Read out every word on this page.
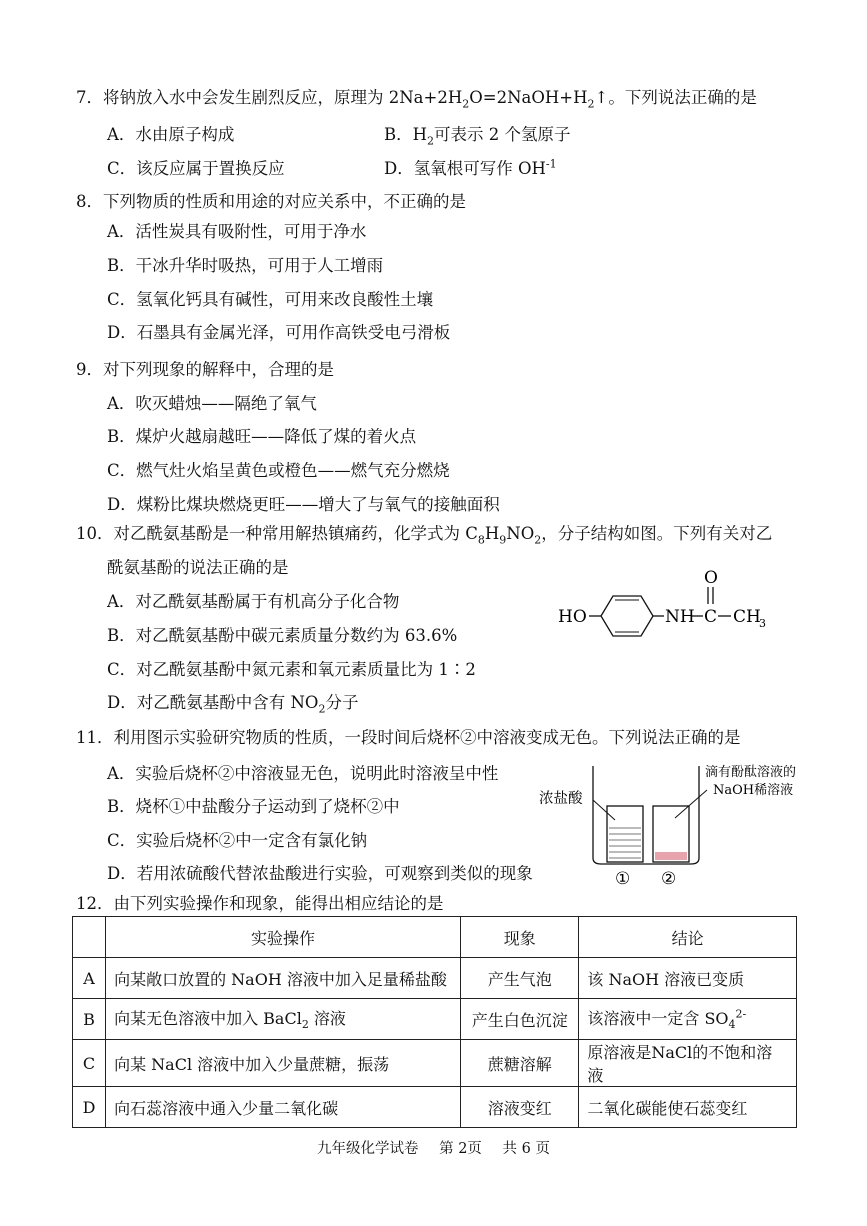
7．将钠放入水中会发生剧烈反应，原理为 $2Na+2H_2O=2NaOH+H_2↑$。下列说法正确的是
A．水由原子构成	B．$H_2$可表示 2 个氢原子
C．该反应属于置换反应	D．氢氧根可写作 $OH^{-1}$
8．下列物质的性质和用途的对应关系中，不正确的是
A．活性炭具有吸附性，可用于净水
B．干冰升华时吸热，可用于人工增雨
C．氢氧化钙具有碱性，可用来改良酸性土壤
D．石墨具有金属光泽，可用作高铁受电弓滑板
9．对下列现象的解释中，合理的是
A．吹灭蜡烛——隔绝了氧气
B．煤炉火越扇越旺——降低了煤的着火点
C．燃气灶火焰呈黄色或橙色——燃气充分燃烧
D．煤粉比煤块燃烧更旺——增大了与氧气的接触面积
10．对乙酰氨基酚是一种常用解热镇痛药，化学式为 $C_8H_9NO_2$，分子结构如图。下列有关对乙
酰氨基酚的说法正确的是
A．对乙酰氨基酚属于有机高分子化合物
B．对乙酰氨基酚中碳元素质量分数约为 63.6%
C．对乙酰氨基酚中氮元素和氧元素质量比为 1∶2
D．对乙酰氨基酚中含有 $NO_2$分子
HO	NH C
O
CH
3
11．利用图示实验研究物质的性质，一段时间后烧杯②中溶液变成无色。下列说法正确的是
A．实验后烧杯②中溶液显无色，说明此时溶液呈中性
B．烧杯①中盐酸分子运动到了烧杯②中
C．实验后烧杯②中一定含有氯化钠
D．若用浓硫酸代替浓盐酸进行实验，可观察到类似的现象
浓盐酸
滴有酚酞溶液的
NaOH稀溶液
① ②
12．由下列实验操作和现象，能得出相应结论的是
	实验操作	现象	结论
A	向某敞口放置的 NaOH 溶液中加入足量稀盐酸	产生气泡	该 NaOH 溶液已变质
B	向某无色溶液中加入 BaCl$_2$ 溶液	产生白色沉淀	该溶液中一定含 $SO_4^{2-}$
C	向某 NaCl 溶液中加入少量蔗糖，振荡	蔗糖溶解	原溶液是NaCl的不饱和溶液
D	向石蕊溶液中通入少量二氧化碳	溶液变红	二氧化碳能使石蕊变红
九年级化学试卷 第 2页 共 6 页
